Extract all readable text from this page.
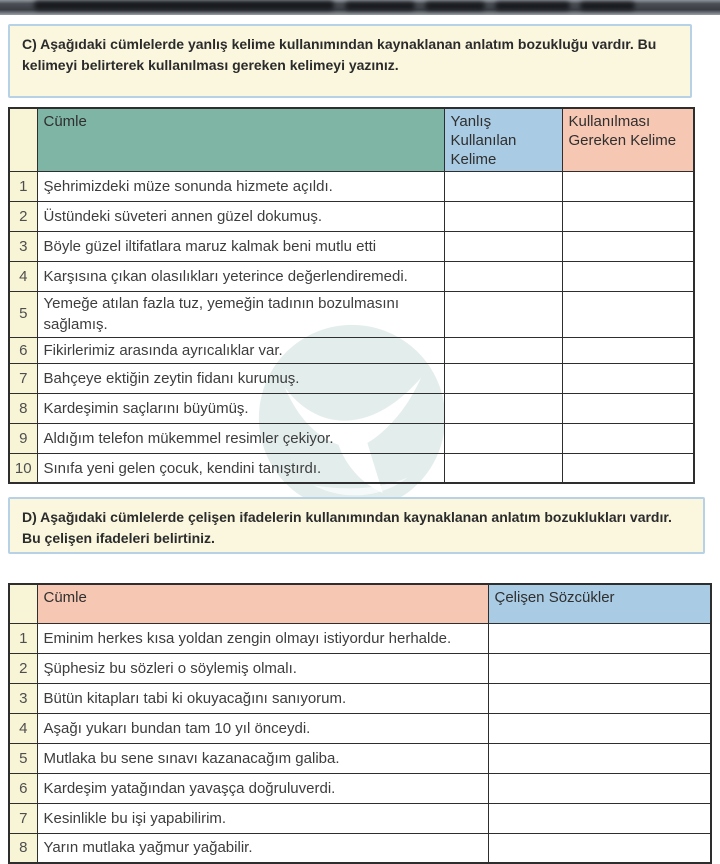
C) Aşağıdaki cümlelerde yanlış kelime kullanımından kaynaklanan anlatım bozukluğu vardır. Bu kelimeyi belirterek kullanılması gereken kelimeyi yazınız.
	Cümle	Yanlış Kullanılan Kelime	Kullanılması Gereken Kelime
1	Şehrimizdeki müze sonunda hizmete açıldı.		
2	Üstündeki süveteri annen güzel dokumuş.		
3	Böyle güzel iltifatlara maruz kalmak beni mutlu etti		
4	Karşısına çıkan olasılıkları yeterince değerlendiremedi.		
5	Yemeğe atılan fazla tuz, yemeğin tadının bozulmasını sağlamış.		
6	Fikirlerimiz arasında ayrıcalıklar var.		
7	Bahçeye ektiğin zeytin fidanı kurumuş.		
8	Kardeşimin saçlarını büyümüş.		
9	Aldığım telefon mükemmel resimler çekiyor.		
10	Sınıfa yeni gelen çocuk, kendini tanıştırdı.		
D) Aşağıdaki cümlelerde çelişen ifadelerin kullanımından kaynaklanan anlatım bozuklukları vardır. Bu çelişen ifadeleri belirtiniz.
	Cümle	Çelişen Sözcükler
1	Eminim herkes kısa yoldan zengin olmayı istiyordur herhalde.	
2	Şüphesiz bu sözleri o söylemiş olmalı.	
3	Bütün kitapları tabi ki okuyacağını sanıyorum.	
4	Aşağı yukarı bundan tam 10 yıl önceydi.	
5	Mutlaka bu sene sınavı kazanacağım galiba.	
6	Kardeşim yatağından yavaşça doğruluverdi.	
7	Kesinlikle bu işi yapabilirim.	
8	Yarın mutlaka yağmur yağabilir.	
